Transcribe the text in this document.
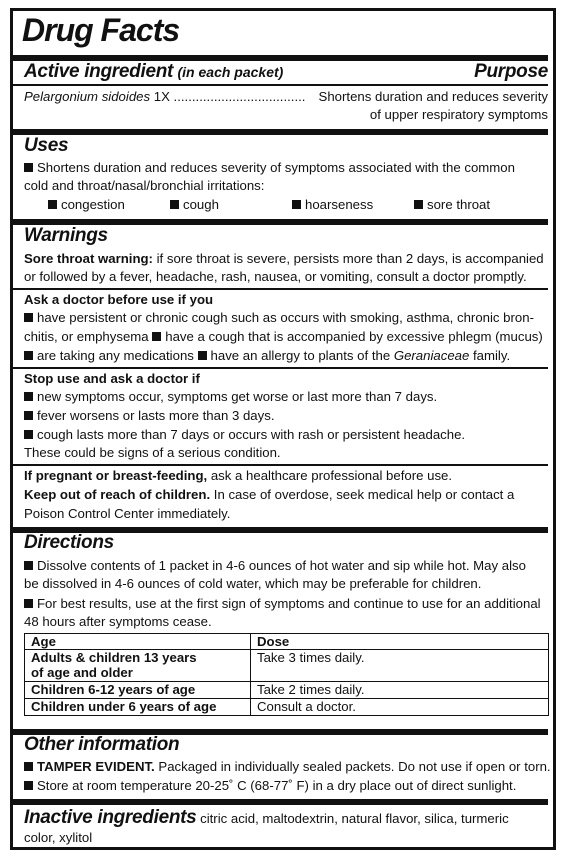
Drug Facts
Active ingredient (in each packet)	Purpose
Pelargonium sidoides 1X .................................... Shortens duration and reduces severity
of upper respiratory symptoms
Uses
Shortens duration and reduces severity of symptoms associated with the common
cold and throat/nasal/bronchial irritations:
congestion	cough	hoarseness	sore throat
Warnings
Sore throat warning: if sore throat is severe, persists more than 2 days, is accompanied
or followed by a fever, headache, rash, nausea, or vomiting, consult a doctor promptly.
Ask a doctor before use if you
have persistent or chronic cough such as occurs with smoking, asthma, chronic bron-
chitis, or emphysema have a cough that is accompanied by excessive phlegm (mucus)
are taking any medications have an allergy to plants of the Geraniaceae family.
Stop use and ask a doctor if
new symptoms occur, symptoms get worse or last more than 7 days.
fever worsens or lasts more than 3 days.
cough lasts more than 7 days or occurs with rash or persistent headache.
These could be signs of a serious condition.
If pregnant or breast-feeding, ask a healthcare professional before use.
Keep out of reach of children. In case of overdose, seek medical help or contact a
Poison Control Center immediately.
Directions
Dissolve contents of 1 packet in 4-6 ounces of hot water and sip while hot. May also
be dissolved in 4-6 ounces of cold water, which may be preferable for children.
For best results, use at the first sign of symptoms and continue to use for an additional
48 hours after symptoms cease.
Age	Dose
Adults & children 13 years
of age and older	Take 3 times daily.
Children 6-12 years of age	Take 2 times daily.
Children under 6 years of age	Consult a doctor.
Other information
TAMPER EVIDENT. Packaged in individually sealed packets. Do not use if open or torn.
Store at room temperature 20-25˚ C (68-77˚ F) in a dry place out of direct sunlight.
Inactive ingredients citric acid, maltodextrin, natural flavor, silica, turmeric
color, xylitol
